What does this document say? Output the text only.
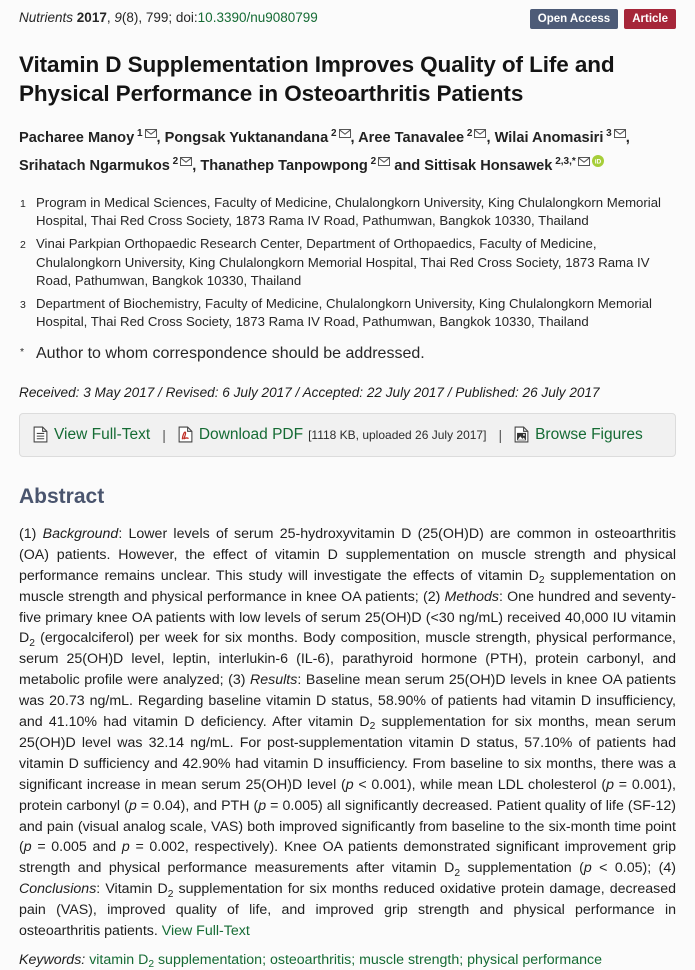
Nutrients 2017, 9(8), 799; doi:10.3390/nu9080799	Open Access	Article
Vitamin D Supplementation Improves Quality of Life and Physical Performance in Osteoarthritis Patients
Pacharee Manoy $^1$ , Pongsak Yuktanandana $^2$ , Aree Tanavalee $^2$ , Wilai Anomasiri $^3$ , Srihatach Ngarmukos $^2$ , Thanathep Tanpowpong $^2$ and Sittisak Honsawek $^{2,3,*}$	iD
1 Program in Medical Sciences, Faculty of Medicine, Chulalongkorn University, King Chulalongkorn Memorial Hospital, Thai Red Cross Society, 1873 Rama IV Road, Pathumwan, Bangkok 10330, Thailand
2 Vinai Parkpian Orthopaedic Research Center, Department of Orthopaedics, Faculty of Medicine, Chulalongkorn University, King Chulalongkorn Memorial Hospital, Thai Red Cross Society, 1873 Rama IV Road, Pathumwan, Bangkok 10330, Thailand
3 Department of Biochemistry, Faculty of Medicine, Chulalongkorn University, King Chulalongkorn Memorial Hospital, Thai Red Cross Society, 1873 Rama IV Road, Pathumwan, Bangkok 10330, Thailand
* Author to whom correspondence should be addressed.
Received: 3 May 2017 / Revised: 6 July 2017 / Accepted: 22 July 2017 / Published: 26 July 2017
View Full-Text | Download PDF [1118 KB, uploaded 26 July 2017] | Browse Figures
Abstract

(1) Background: Lower levels of serum 25-hydroxyvitamin D (25(OH)D) are common in osteoarthritis (OA) patients. However, the effect of vitamin D supplementation on muscle strength and physical performance remains unclear. This study will investigate the effects of vitamin $D_2$ supplementation on muscle strength and physical performance in knee OA patients; (2) Methods: One hundred and seventy-five primary knee OA patients with low levels of serum 25(OH)D (<30 ng/mL) received 40,000 IU vitamin $D_2$ (ergocalciferol) per week for six months. Body composition, muscle strength, physical performance, serum 25(OH)D level, leptin, interlukin-6 (IL-6), parathyroid hormone (PTH), protein carbonyl, and metabolic profile were analyzed; (3) Results: Baseline mean serum 25(OH)D levels in knee OA patients was 20.73 ng/mL. Regarding baseline vitamin D status, 58.90% of patients had vitamin D insufficiency, and 41.10% had vitamin D deficiency. After vitamin $D_2$ supplementation for six months, mean serum 25(OH)D level was 32.14 ng/mL. For post-supplementation vitamin D status, 57.10% of patients had vitamin D sufficiency and 42.90% had vitamin D insufficiency. From baseline to six months, there was a significant increase in mean serum 25(OH)D level (p < 0.001), while mean LDL cholesterol (p = 0.001), protein carbonyl (p = 0.04), and PTH (p = 0.005) all significantly decreased. Patient quality of life (SF-12) and pain (visual analog scale, VAS) both improved significantly from baseline to the six-month time point (p = 0.005 and p = 0.002, respectively). Knee OA patients demonstrated significant improvement grip strength and physical performance measurements after vitamin $D_2$ supplementation (p < 0.05); (4) Conclusions: Vitamin $D_2$ supplementation for six months reduced oxidative protein damage, decreased pain (VAS), improved quality of life, and improved grip strength and physical performance in osteoarthritis patients. View Full-Text

Keywords: vitamin $D_2$ supplementation; osteoarthritis; muscle strength; physical performance
